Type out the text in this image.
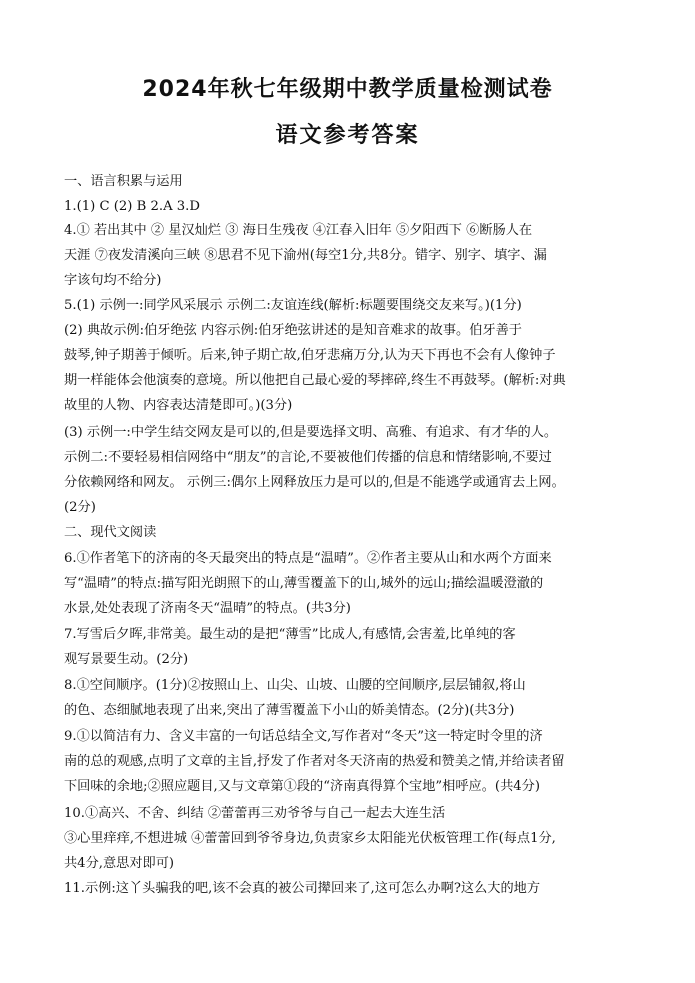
2024年秋七年级期中教学质量检测试卷
语文参考答案
一、语言积累与运用
1.(1) C (2) B 2.A 3.D
4.① 若出其中 ② 星汉灿烂 ③ 海日生残夜 ④江春入旧年 ⑤夕阳西下 ⑥断肠人在
天涯 ⑦夜发清溪向三峡 ⑧思君不见下渝州(每空1分,共8分。错字、别字、填字、漏
字该句均不给分)
5.(1) 示例一:同学风采展示 示例二:友谊连线(解析:标题要围绕交友来写。)(1分)
(2) 典故示例:伯牙绝弦 内容示例:伯牙绝弦讲述的是知音难求的故事。伯牙善于
鼓琴,钟子期善于倾听。后来,钟子期亡故,伯牙悲痛万分,认为天下再也不会有人像钟子
期一样能体会他演奏的意境。所以他把自己最心爱的琴摔碎,终生不再鼓琴。(解析:对典
故里的人物、内容表达清楚即可。)(3分)
(3) 示例一:中学生结交网友是可以的,但是要选择文明、高雅、有追求、有才华的人。
示例二:不要轻易相信网络中“朋友”的言论,不要被他们传播的信息和情绪影响,不要过
分依赖网络和网友。 示例三:偶尔上网释放压力是可以的,但是不能逃学或通宵去上网。
(2分)
二、现代文阅读
6.①作者笔下的济南的冬天最突出的特点是“温晴”。②作者主要从山和水两个方面来
写“温晴”的特点:描写阳光朗照下的山,薄雪覆盖下的山,城外的远山;描绘温暖澄澈的
水景,处处表现了济南冬天“温晴”的特点。(共3分)
7.写雪后夕晖,非常美。最生动的是把“薄雪”比成人,有感情,会害羞,比单纯的客
观写景要生动。(2分)
8.①空间顺序。(1分)②按照山上、山尖、山坡、山腰的空间顺序,层层铺叙,将山
的色、态细腻地表现了出来,突出了薄雪覆盖下小山的娇美情态。(2分)(共3分)
9.①以简洁有力、含义丰富的一句话总结全文,写作者对“冬天”这一特定时令里的济
南的总的观感,点明了文章的主旨,抒发了作者对冬天济南的热爱和赞美之情,并给读者留
下回味的余地;②照应题目,又与文章第①段的“济南真得算个宝地”相呼应。(共4分)
10.①高兴、不舍、纠结 ②蕾蕾再三劝爷爷与自己一起去大连生活
③心里痒痒,不想进城 ④蕾蕾回到爷爷身边,负责家乡太阳能光伏板管理工作(每点1分,
共4分,意思对即可)
11.示例:这丫头骗我的吧,该不会真的被公司撵回来了,这可怎么办啊?这么大的地方
